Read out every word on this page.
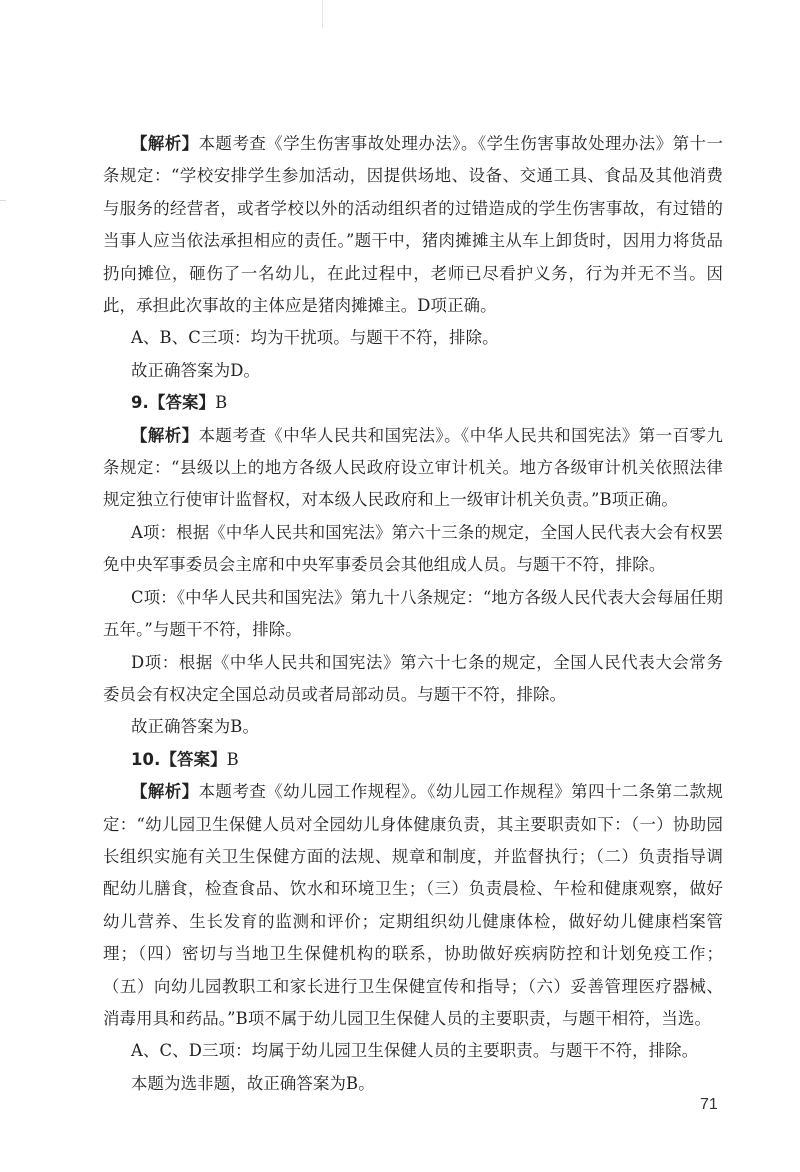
【解析】本题考查《学生伤害事故处理办法》。《学生伤害事故处理办法》第十一条规定：“学校安排学生参加活动，因提供场地、设备、交通工具、食品及其他消费与服务的经营者，或者学校以外的活动组织者的过错造成的学生伤害事故，有过错的当事人应当依法承担相应的责任。”题干中，猪肉摊摊主从车上卸货时，因用力将货品扔向摊位，砸伤了一名幼儿，在此过程中，老师已尽看护义务，行为并无不当。因此，承担此次事故的主体应是猪肉摊摊主。D项正确。

A、B、C三项：均为干扰项。与题干不符，排除。

故正确答案为D。

9.【答案】B

【解析】本题考查《中华人民共和国宪法》。《中华人民共和国宪法》第一百零九条规定：“县级以上的地方各级人民政府设立审计机关。地方各级审计机关依照法律规定独立行使审计监督权，对本级人民政府和上一级审计机关负责。”B项正确。

A项：根据《中华人民共和国宪法》第六十三条的规定，全国人民代表大会有权罢免中央军事委员会主席和中央军事委员会其他组成人员。与题干不符，排除。

C项：《中华人民共和国宪法》第九十八条规定：“地方各级人民代表大会每届任期五年。”与题干不符，排除。

D项：根据《中华人民共和国宪法》第六十七条的规定，全国人民代表大会常务委员会有权决定全国总动员或者局部动员。与题干不符，排除。

故正确答案为B。

10.【答案】B

【解析】本题考查《幼儿园工作规程》。《幼儿园工作规程》第四十二条第二款规定：“幼儿园卫生保健人员对全园幼儿身体健康负责，其主要职责如下：（一）协助园长组织实施有关卫生保健方面的法规、规章和制度，并监督执行；（二）负责指导调配幼儿膳食，检查食品、饮水和环境卫生；（三）负责晨检、午检和健康观察，做好幼儿营养、生长发育的监测和评价；定期组织幼儿健康体检，做好幼儿健康档案管理；（四）密切与当地卫生保健机构的联系，协助做好疾病防控和计划免疫工作；（五）向幼儿园教职工和家长进行卫生保健宣传和指导；（六）妥善管理医疗器械、消毒用具和药品。”B项不属于幼儿园卫生保健人员的主要职责，与题干相符，当选。

A、C、D三项：均属于幼儿园卫生保健人员的主要职责。与题干不符，排除。

本题为选非题，故正确答案为B。

71
